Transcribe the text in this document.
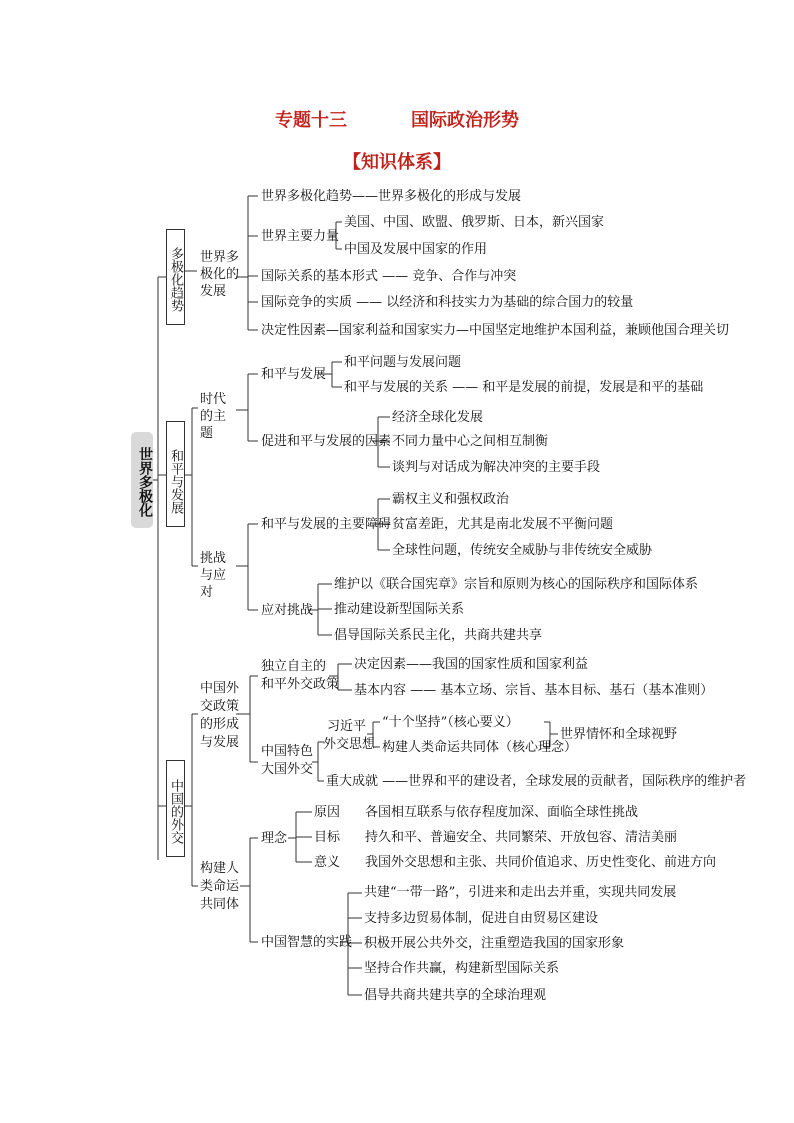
专题十三	国际政治形势
【知识体系】
世界多极化
多极化趋势
和平与发展
中国的外交
世界多极化的发展
时代的主题
挑战与应对
中国外交政策的形成与发展
构建人类命运共同体
世界多极化趋势——世界多极化的形成与发展
世界主要力量
美国、中国、欧盟、俄罗斯、日本，新兴国家
中国及发展中国家的作用
国际关系的基本形式 —— 竞争、合作与冲突
国际竞争的实质 —— 以经济和科技实力为基础的综合国力的较量
决定性因素—国家利益和国家实力—中国坚定地维护本国利益，兼顾他国合理关切
和平与发展
和平问题与发展问题
和平与发展的关系 —— 和平是发展的前提，发展是和平的基础
促进和平与发展的因素
经济全球化发展
不同力量中心之间相互制衡
谈判与对话成为解决冲突的主要手段
和平与发展的主要障碍
霸权主义和强权政治
贫富差距，尤其是南北发展不平衡问题
全球性问题，传统安全威胁与非传统安全威胁
应对挑战
维护以《联合国宪章》宗旨和原则为核心的国际秩序和国际体系
推动建设新型国际关系
倡导国际关系民主化，共商共建共享
独立自主的
和平外交政策
决定因素——我国的国家性质和国家利益
基本内容 —— 基本立场、宗旨、基本目标、基石（基本准则）
中国特色
大国外交
习近平
外交思想
“十个坚持”（核心要义）
构建人类命运共同体（核心理念）
世界情怀和全球视野
重大成就 ——世界和平的建设者，全球发展的贡献者，国际秩序的维护者
理念
原因 各国相互联系与依存程度加深、面临全球性挑战
目标 持久和平、普遍安全、共同繁荣、开放包容、清洁美丽
意义 我国外交思想和主张、共同价值追求、历史性变化、前进方向
中国智慧的实践
共建“一带一路”，引进来和走出去并重，实现共同发展
支持多边贸易体制，促进自由贸易区建设
积极开展公共外交，注重塑造我国的国家形象
坚持合作共赢，构建新型国际关系
倡导共商共建共享的全球治理观
